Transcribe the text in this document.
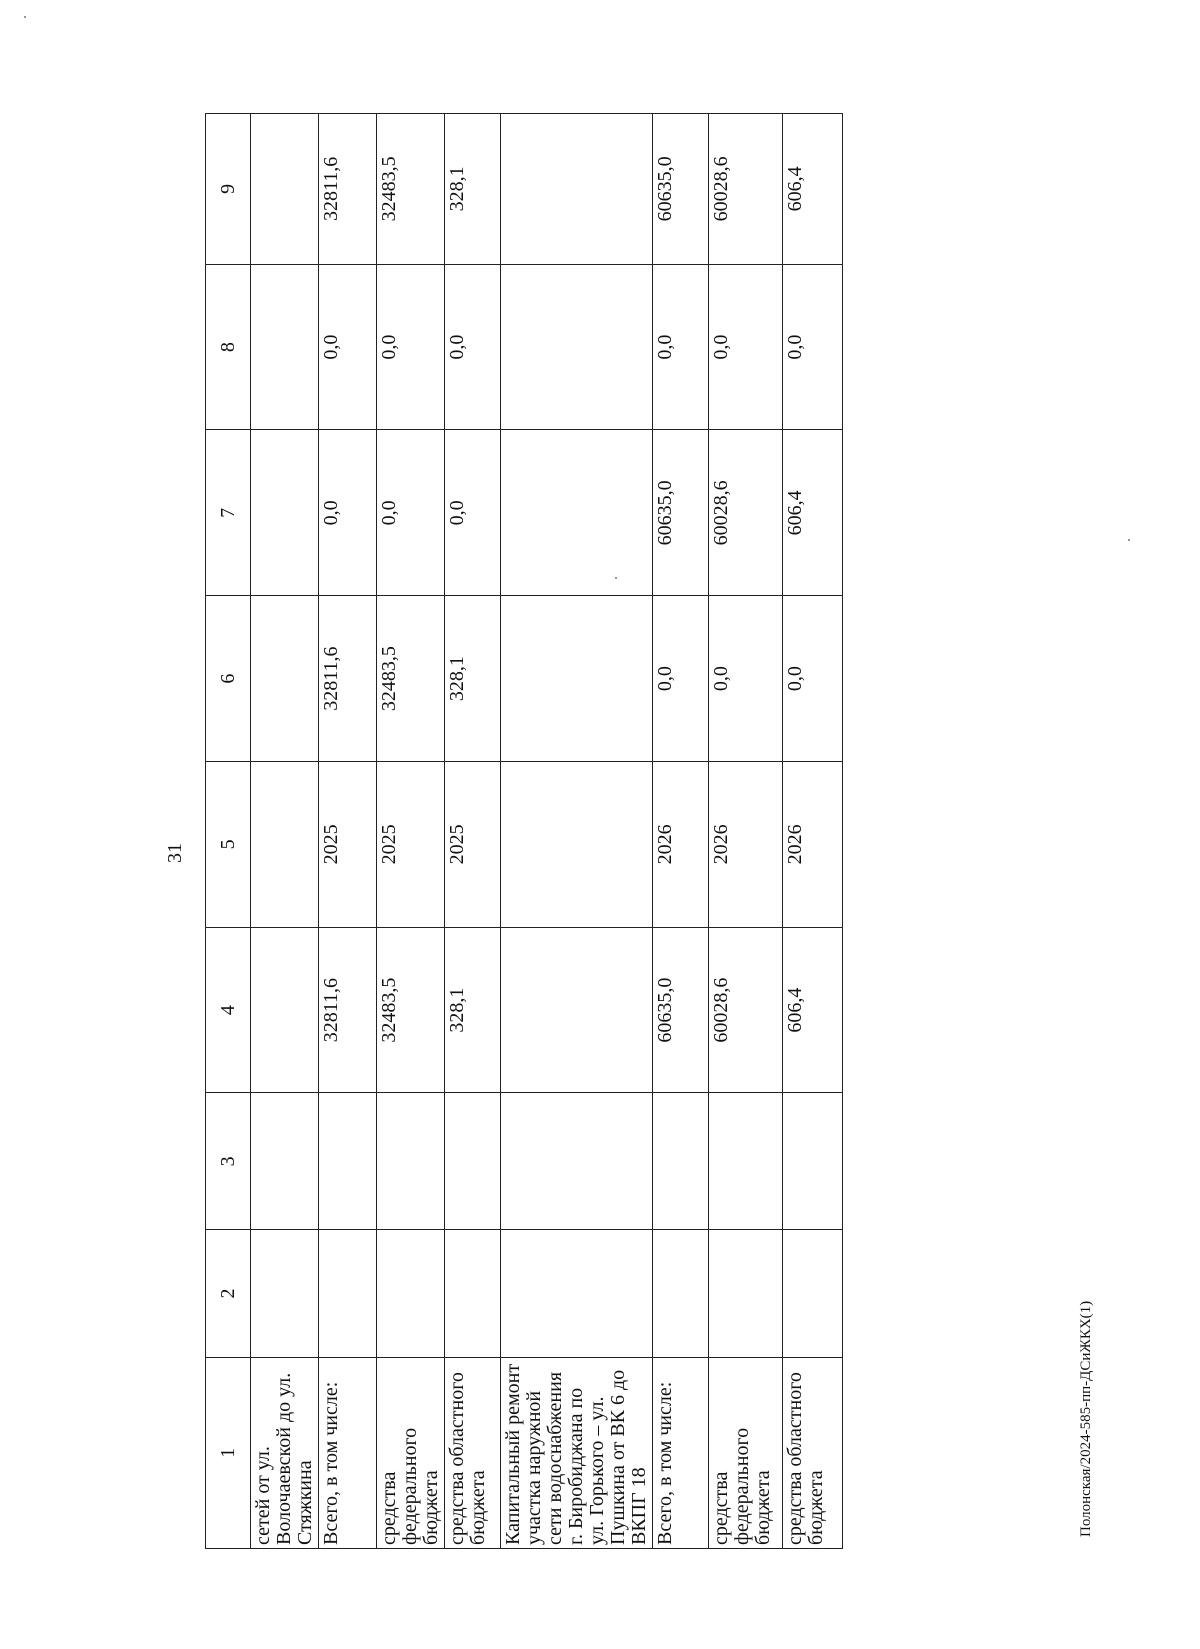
31
1	2	3	4	5	6	7	8	9
сетей от ул. Волочаевской до ул. Стяжкина								
Всего, в том числе:			32811,6	2025	32811,6	0,0	0,0	32811,6
средства федерального бюджета			32483,5	2025	32483,5	0,0	0,0	32483,5
средства областного бюджета			328,1	2025	328,1	0,0	0,0	328,1
Капитальный ремонт участка наружной сети водоснабжения г. Биробиджана по ул. Горького – ул. Пушкина от ВК 6 до ВКПГ 18								
Всего, в том числе:			60635,0	2026	0,0	60635,0	0,0	60635,0
средства федерального бюджета			60028,6	2026	0,0	60028,6	0,0	60028,6
средства областного бюджета			606,4	2026	0,0	606,4	0,0	606,4
Полонская/2024-585-пп-ДСиЖКХ(1)
